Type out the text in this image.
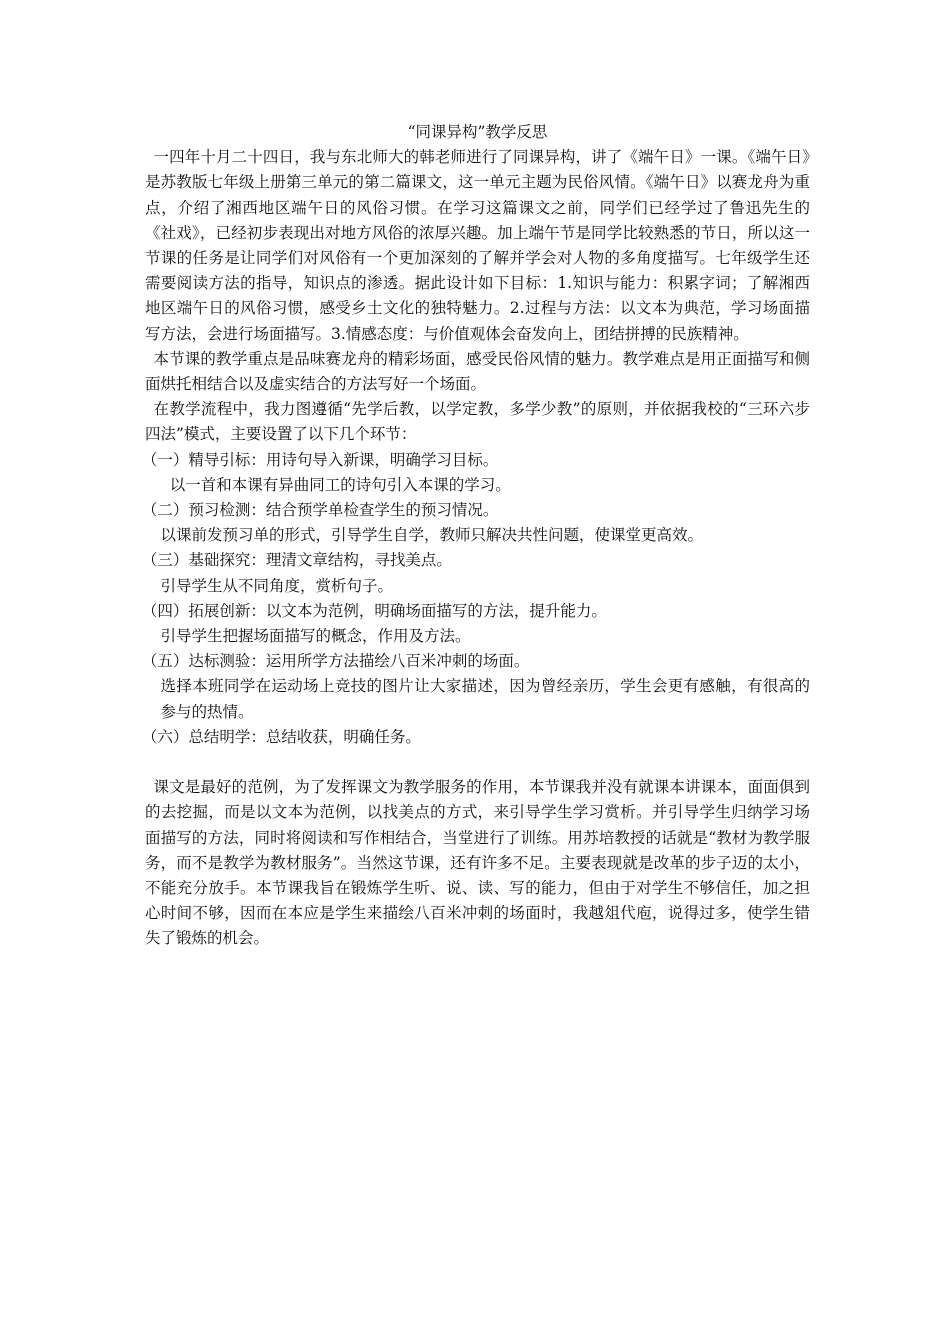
“同课异构”教学反思

一四年十月二十四日，我与东北师大的韩老师进行了同课异构，讲了《端午日》一课。《端午日》是苏教版七年级上册第三单元的第二篇课文，这一单元主题为民俗风情。《端午日》以赛龙舟为重点，介绍了湘西地区端午日的风俗习惯。在学习这篇课文之前，同学们已经学过了鲁迅先生的《社戏》，已经初步表现出对地方风俗的浓厚兴趣。加上端午节是同学比较熟悉的节日，所以这一节课的任务是让同学们对风俗有一个更加深刻的了解并学会对人物的多角度描写。七年级学生还需要阅读方法的指导，知识点的渗透。据此设计如下目标：1.知识与能力：积累字词；了解湘西地区端午日的风俗习惯，感受乡土文化的独特魅力。2.过程与方法：以文本为典范，学习场面描写方法，会进行场面描写。3.情感态度：与价值观体会奋发向上，团结拼搏的民族精神。

本节课的教学重点是品味赛龙舟的精彩场面，感受民俗风情的魅力。教学难点是用正面描写和侧面烘托相结合以及虚实结合的方法写好一个场面。

在教学流程中，我力图遵循“先学后教，以学定教，多学少教”的原则，并依据我校的“三环六步四法”模式，主要设置了以下几个环节：

（一）精导引标：用诗句导入新课，明确学习目标。

以一首和本课有异曲同工的诗句引入本课的学习。

（二）预习检测：结合预学单检查学生的预习情况。

以课前发预习单的形式，引导学生自学，教师只解决共性问题，使课堂更高效。

（三）基础探究：理清文章结构，寻找美点。

引导学生从不同角度，赏析句子。

（四）拓展创新：以文本为范例，明确场面描写的方法，提升能力。

引导学生把握场面描写的概念，作用及方法。

（五）达标测验：运用所学方法描绘八百米冲刺的场面。

选择本班同学在运动场上竞技的图片让大家描述，因为曾经亲历，学生会更有感触，有很高的参与的热情。

（六）总结明学：总结收获，明确任务。

课文是最好的范例，为了发挥课文为教学服务的作用，本节课我并没有就课本讲课本，面面俱到的去挖掘，而是以文本为范例，以找美点的方式，来引导学生学习赏析。并引导学生归纳学习场面描写的方法，同时将阅读和写作相结合，当堂进行了训练。用苏培教授的话就是“教材为教学服务，而不是教学为教材服务”。当然这节课，还有许多不足。主要表现就是改革的步子迈的太小，不能充分放手。本节课我旨在锻炼学生听、说、读、写的能力，但由于对学生不够信任，加之担心时间不够，因而在本应是学生来描绘八百米冲刺的场面时，我越俎代庖，说得过多，使学生错失了锻炼的机会。
